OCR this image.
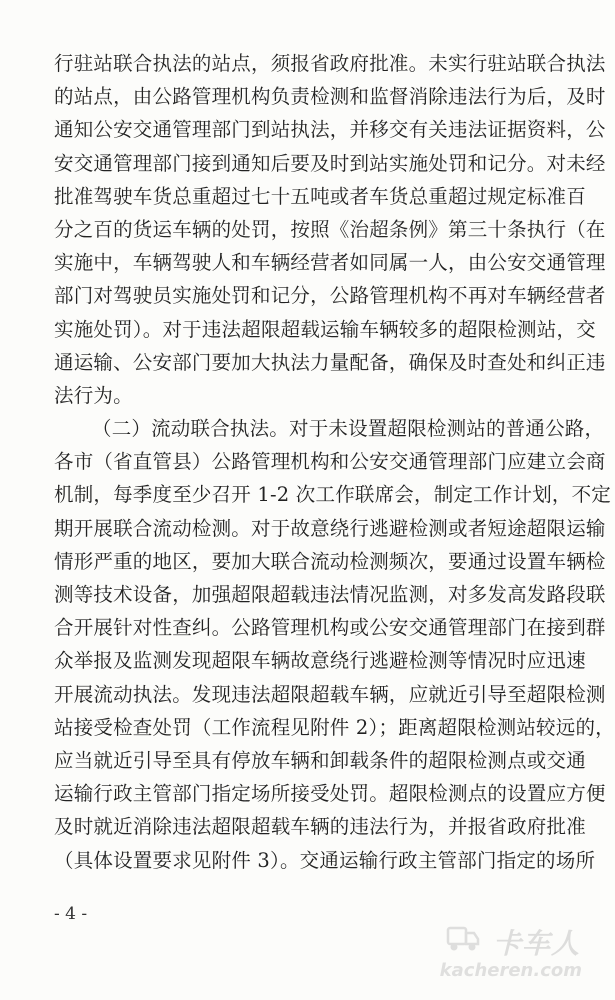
行驻站联合执法的站点，须报省政府批准。未实行驻站联合执法
的站点，由公路管理机构负责检测和监督消除违法行为后，及时
通知公安交通管理部门到站执法，并移交有关违法证据资料，公
安交通管理部门接到通知后要及时到站实施处罚和记分。对未经
批准驾驶车货总重超过七十五吨或者车货总重超过规定标准百
分之百的货运车辆的处罚，按照《治超条例》第三十条执行（在
实施中，车辆驾驶人和车辆经营者如同属一人，由公安交通管理
部门对驾驶员实施处罚和记分，公路管理机构不再对车辆经营者
实施处罚）。对于违法超限超载运输车辆较多的超限检测站，交
通运输、公安部门要加大执法力量配备，确保及时查处和纠正违
法行为。
（二）流动联合执法。对于未设置超限检测站的普通公路，
各市（省直管县）公路管理机构和公安交通管理部门应建立会商
机制，每季度至少召开 1-2 次工作联席会，制定工作计划，不定
期开展联合流动检测。对于故意绕行逃避检测或者短途超限运输
情形严重的地区，要加大联合流动检测频次，要通过设置车辆检
测等技术设备，加强超限超载违法情况监测，对多发高发路段联
合开展针对性查纠。公路管理机构或公安交通管理部门在接到群
众举报及监测发现超限车辆故意绕行逃避检测等情况时应迅速
开展流动执法。发现违法超限超载车辆，应就近引导至超限检测
站接受检查处罚（工作流程见附件 2）；距离超限检测站较远的，
应当就近引导至具有停放车辆和卸载条件的超限检测点或交通
运输行政主管部门指定场所接受处罚。超限检测点的设置应方便
及时就近消除违法超限超载车辆的违法行为，并报省政府批准
（具体设置要求见附件 3）。交通运输行政主管部门指定的场所
- 4 -
卡车人
kacheren.com
